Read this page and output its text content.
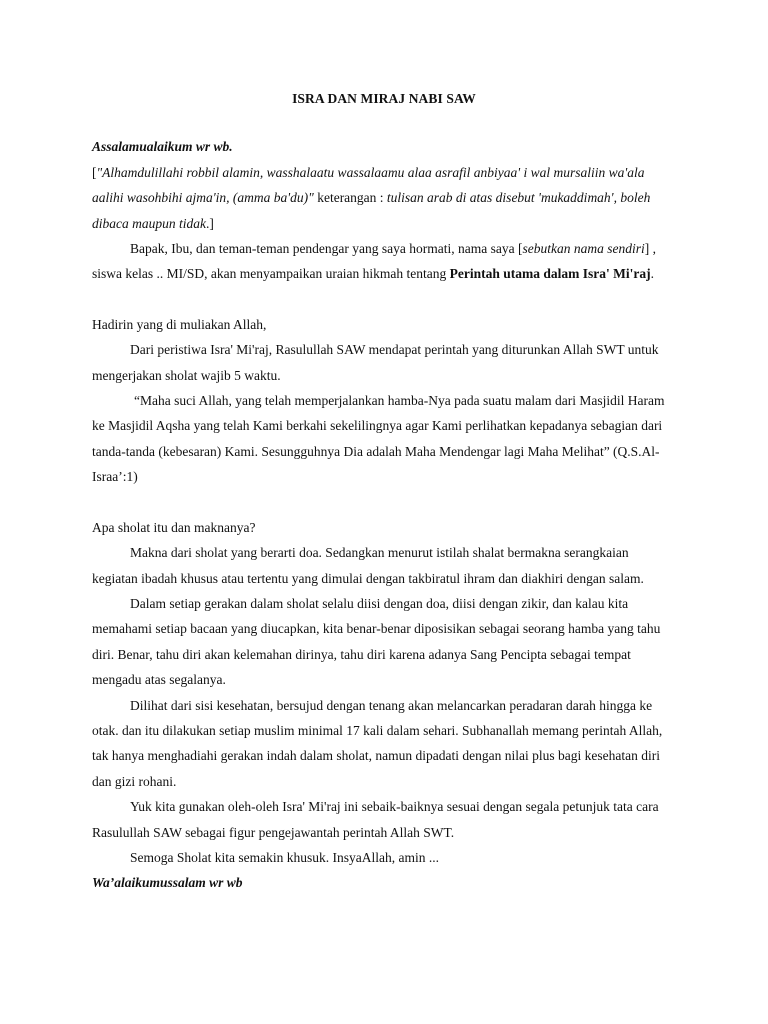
ISRA DAN MIRAJ NABI SAW

Assalamualaikum wr wb.

["Alhamdulillahi robbil alamin, wasshalaatu wassalaamu alaa asrafil anbiyaa' i wal mursaliin wa'ala aalihi wasohbihi ajma'in, (amma ba'du)" keterangan : tulisan arab di atas disebut 'mukaddimah', boleh dibaca maupun tidak.]

Bapak, Ibu, dan teman-teman pendengar yang saya hormati, nama saya [sebutkan nama sendiri] , siswa kelas .. MI/SD, akan menyampaikan uraian hikmah tentang Perintah utama dalam Isra' Mi'raj.

Hadirin yang di muliakan Allah,

Dari peristiwa Isra' Mi'raj, Rasulullah SAW mendapat perintah yang diturunkan Allah SWT untuk mengerjakan sholat wajib 5 waktu.

“Maha suci Allah, yang telah memperjalankan hamba-Nya pada suatu malam dari Masjidil Haram ke Masjidil Aqsha yang telah Kami berkahi sekelilingnya agar Kami perlihatkan kepadanya sebagian dari tanda-tanda (kebesaran) Kami. Sesungguhnya Dia adalah Maha Mendengar lagi Maha Melihat” (Q.S.Al-Israa’:1)

Apa sholat itu dan maknanya?

Makna dari sholat yang berarti doa. Sedangkan menurut istilah shalat bermakna serangkaian kegiatan ibadah khusus atau tertentu yang dimulai dengan takbiratul ihram dan diakhiri dengan salam.

Dalam setiap gerakan dalam sholat selalu diisi dengan doa, diisi dengan zikir, dan kalau kita memahami setiap bacaan yang diucapkan, kita benar-benar diposisikan sebagai seorang hamba yang tahu diri. Benar, tahu diri akan kelemahan dirinya, tahu diri karena adanya Sang Pencipta sebagai tempat mengadu atas segalanya.

Dilihat dari sisi kesehatan, bersujud dengan tenang akan melancarkan peradaran darah hingga ke otak. dan itu dilakukan setiap muslim minimal 17 kali dalam sehari. Subhanallah memang perintah Allah, tak hanya menghadiahi gerakan indah dalam sholat, namun dipadati dengan nilai plus bagi kesehatan diri dan gizi rohani.

Yuk kita gunakan oleh-oleh Isra' Mi'raj ini sebaik-baiknya sesuai dengan segala petunjuk tata cara Rasulullah SAW sebagai figur pengejawantah perintah Allah SWT.

Semoga Sholat kita semakin khusuk. InsyaAllah, amin ...

Wa’alaikumussalam wr wb
